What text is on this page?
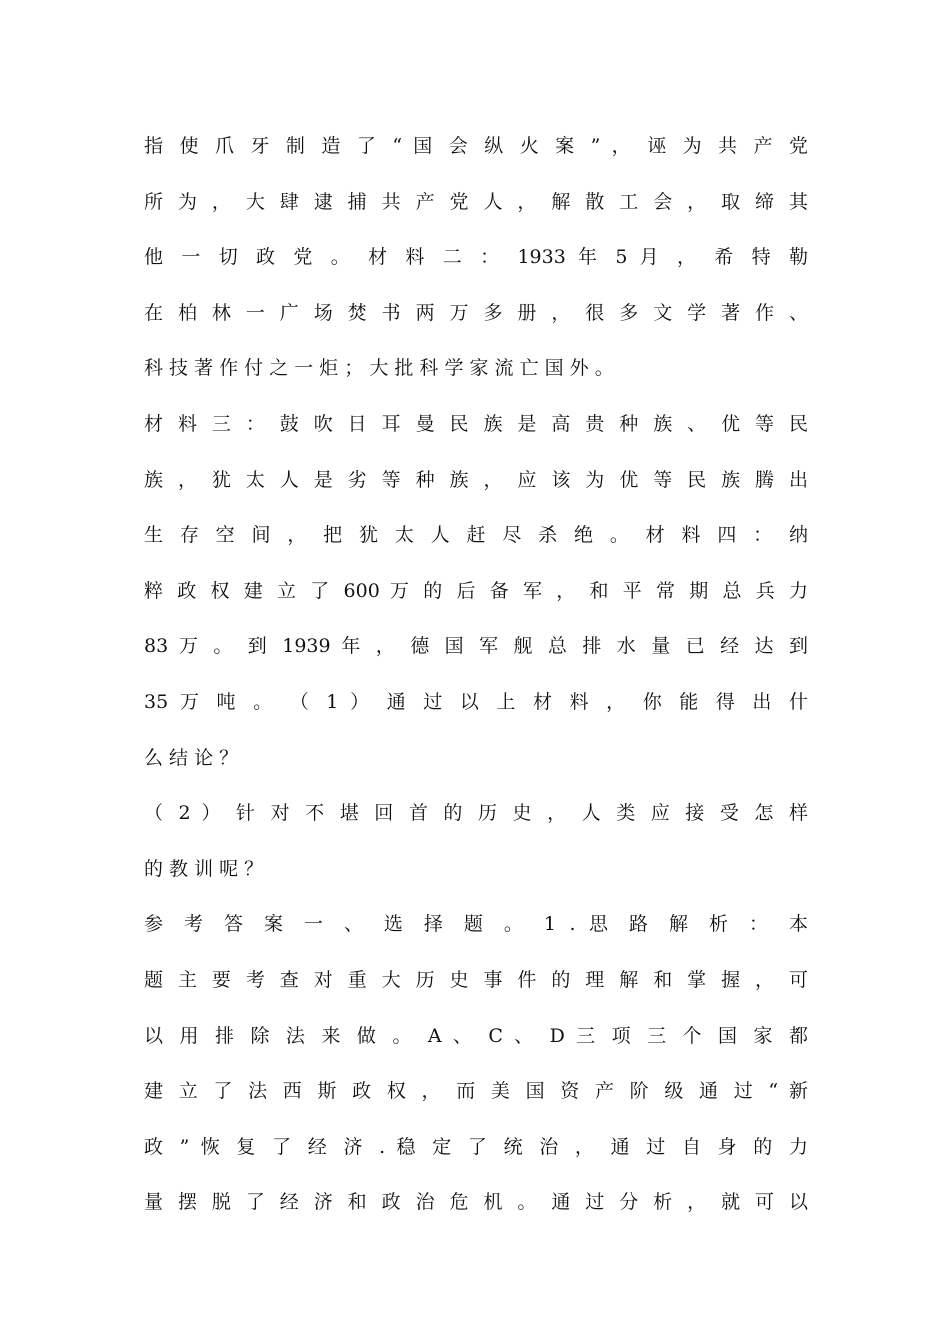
指 使 爪 牙 制 造 了 “ 国 会 纵 火 案 ” ， 诬 为 共 产 党
所 为 ， 大 肆 逮 捕 共 产 党 人 ， 解 散 工 会 ， 取 缔 其
他 一 切 政 党 。 材 料 二 ： 1933 年 5 月 ， 希 特 勒
在 柏 林 一 广 场 焚 书 两 万 多 册 ， 很 多 文 学 著 作 、
科 技 著 作 付 之 一 炬 ； 大 批 科 学 家 流 亡 国 外 。
材 料 三 ： 鼓 吹 日 耳 曼 民 族 是 高 贵 种 族 、 优 等 民
族 ， 犹 太 人 是 劣 等 种 族 ， 应 该 为 优 等 民 族 腾 出
生 存 空 间 ， 把 犹 太 人 赶 尽 杀 绝 。 材 料 四 ： 纳
粹 政 权 建 立 了 600 万 的 后 备 军 ， 和 平 常 期 总 兵 力
83 万 。 到 1939 年 ， 德 国 军 舰 总 排 水 量 已 经 达 到
35 万 吨 。 （ 1 ） 通 过 以 上 材 料 ， 你 能 得 出 什
么 结 论 ？
（ 2 ） 针 对 不 堪 回 首 的 历 史 ， 人 类 应 接 受 怎 样
的 教 训 呢 ？
参 考 答 案 一 、 选 择 题 。 1 . 思 路 解 析 ： 本
题 主 要 考 查 对 重 大 历 史 事 件 的 理 解 和 掌 握 ， 可
以 用 排 除 法 来 做 。 A 、 C 、 D 三 项 三 个 国 家 都
建 立 了 法 西 斯 政 权 ， 而 美 国 资 产 阶 级 通 过 “ 新
政 ” 恢 复 了 经 济 . 稳 定 了 统 治 ， 通 过 自 身 的 力
量 摆 脱 了 经 济 和 政 治 危 机 。 通 过 分 析 ， 就 可 以
